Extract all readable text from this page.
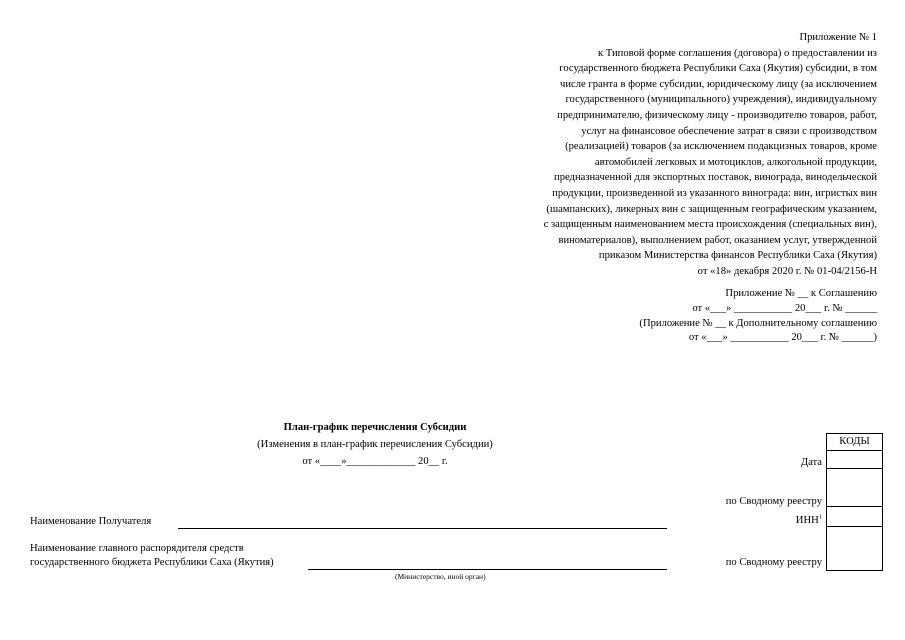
Приложение № 1
к Типовой форме соглашения (договора) о предоставлении из
государственного бюджета Республики Саха (Якутия) субсидии, в том
числе гранта в форме субсидии, юридическому лицу (за исключением
государственного (муниципального) учреждения), индивидуальному
предпринимателю, физическому лицу - производителю товаров, работ,
услуг на финансовое обеспечение затрат в связи с производством
(реализацией) товаров (за исключением подакцизных товаров, кроме
автомобилей легковых и мотоциклов, алкогольной продукции,
предназначенной для экспортных поставок, винограда, винодельческой
продукции, произведенной из указанного винограда: вин, игристых вин
(шампанских), ликерных вин с защищенным географическим указанием,
с защищенным наименованием места происхождения (специальных вин),
виноматериалов), выполнением работ, оказанием услуг, утвержденной
приказом Министерства финансов Республики Саха (Якутия)
от «18» декабря 2020 г. № 01-04/2156-Н
Приложение № __ к Соглашению
от «___» ___________ 20___ г. № ______
(Приложение № __ к Дополнительному соглашению
от «___» ___________ 20___ г. № ______)
План-график перечисления Субсидии
(Изменения в план-график перечисления Субсидии)
от «____»_____________ 20__ г.
КОДЫ
Дата
по Сводному реестру
ИНН$^1$
по Сводному реестру
Наименование Получателя
Наименование главного распорядителя средств
государственного бюджета Республики Саха (Якутия)
(Министерство, иной орган)
